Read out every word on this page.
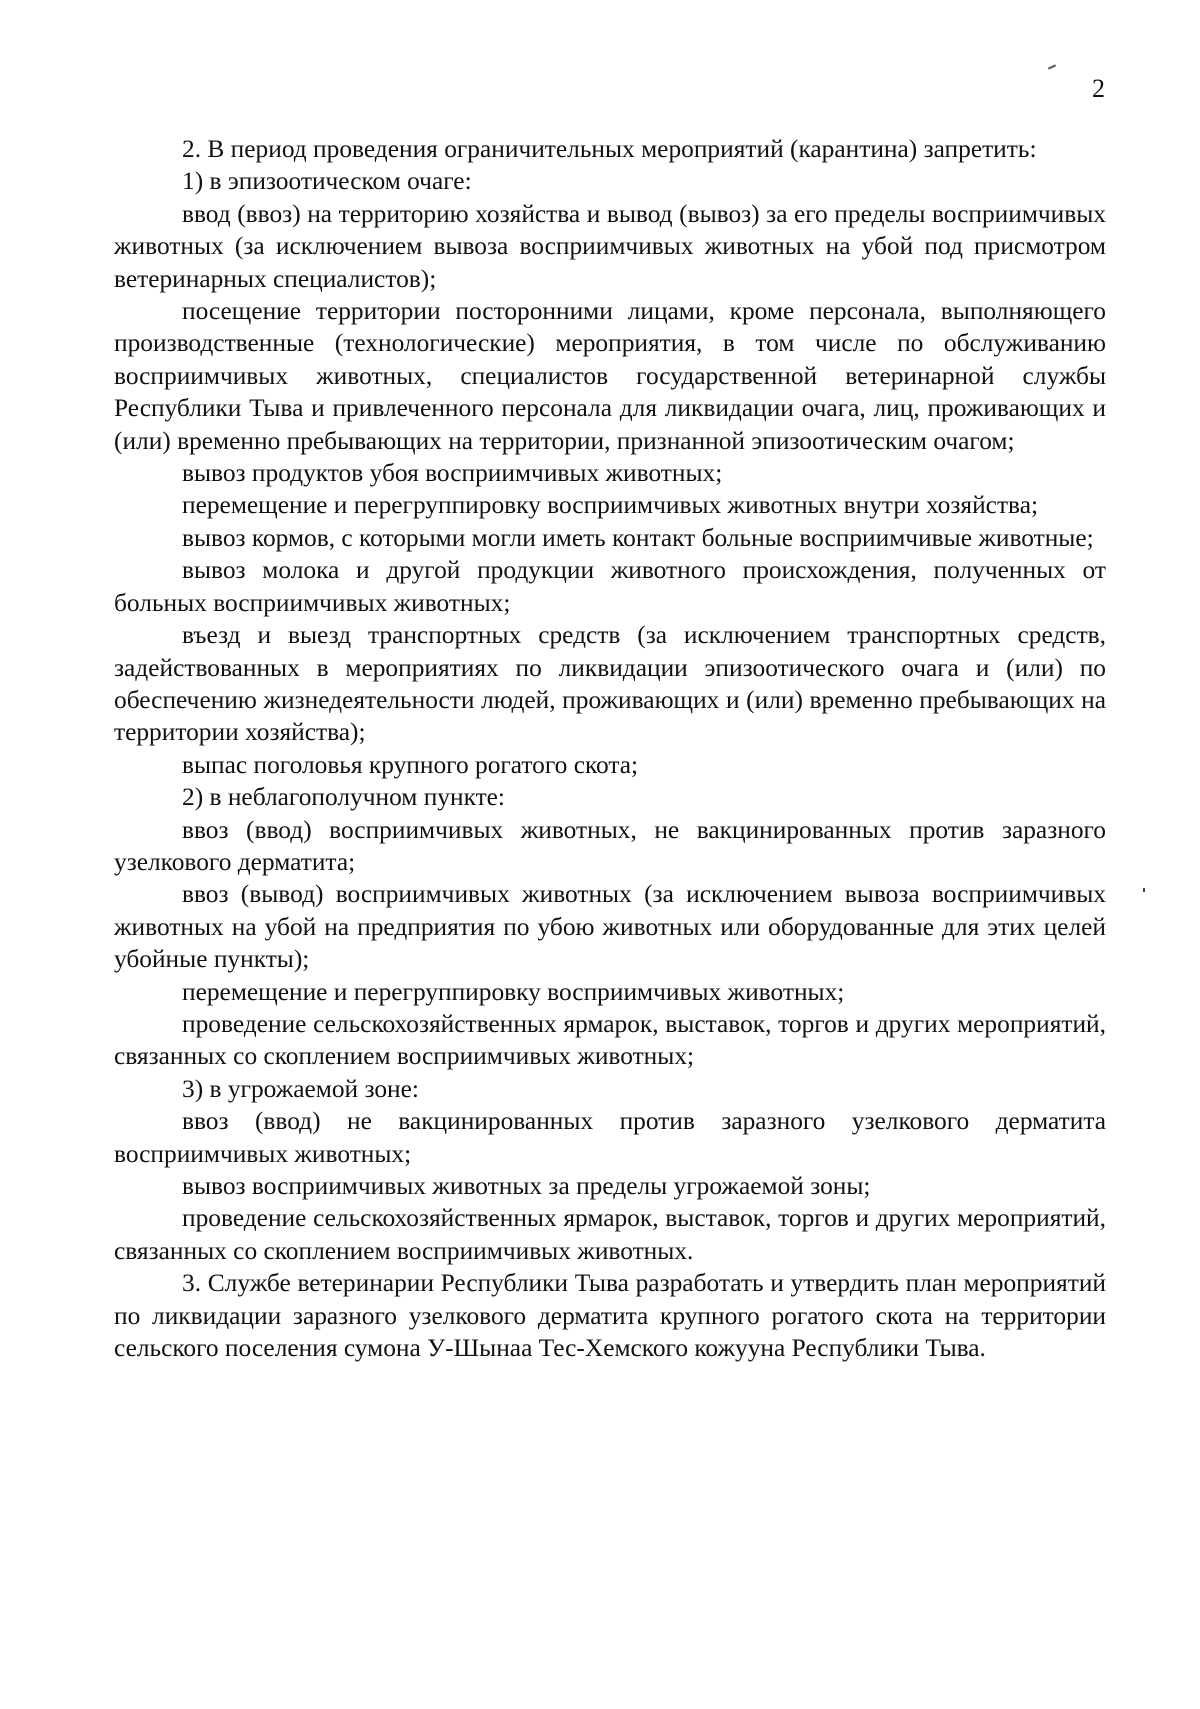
2

2. В период проведения ограничительных мероприятий (карантина) запретить:

1) в эпизоотическом очаге:

ввод (ввоз) на территорию хозяйства и вывод (вывоз) за его пределы восприимчивых животных (за исключением вывоза восприимчивых животных на убой под присмотром ветеринарных специалистов);

посещение территории посторонними лицами, кроме персонала, выполняющего производственные (технологические) мероприятия, в том числе по обслуживанию восприимчивых животных, специалистов государственной ветеринарной службы Республики Тыва и привлеченного персонала для ликвидации очага, лиц, проживающих и (или) временно пребывающих на территории, признанной эпизоотическим очагом;

вывоз продуктов убоя восприимчивых животных;

перемещение и перегруппировку восприимчивых животных внутри хозяйства;

вывоз кормов, с которыми могли иметь контакт больные восприимчивые животные;

вывоз молока и другой продукции животного происхождения, полученных от больных восприимчивых животных;

въезд и выезд транспортных средств (за исключением транспортных средств, задействованных в мероприятиях по ликвидации эпизоотического очага и (или) по обеспечению жизнедеятельности людей, проживающих и (или) временно пребывающих на территории хозяйства);

выпас поголовья крупного рогатого скота;

2) в неблагополучном пункте:

ввоз (ввод) восприимчивых животных, не вакцинированных против заразного узелкового дерматита;

ввоз (вывод) восприимчивых животных (за исключением вывоза восприимчивых животных на убой на предприятия по убою животных или оборудованные для этих целей убойные пункты);

перемещение и перегруппировку восприимчивых животных;

проведение сельскохозяйственных ярмарок, выставок, торгов и других мероприятий, связанных со скоплением восприимчивых животных;

3) в угрожаемой зоне:

ввоз (ввод) не вакцинированных против заразного узелкового дерматита восприимчивых животных;

вывоз восприимчивых животных за пределы угрожаемой зоны;

проведение сельскохозяйственных ярмарок, выставок, торгов и других мероприятий, связанных со скоплением восприимчивых животных.

3. Службе ветеринарии Республики Тыва разработать и утвердить план мероприятий по ликвидации заразного узелкового дерматита крупного рогатого скота на территории сельского поселения сумона У-Шынаа Тес-Хемского кожууна Республики Тыва.
